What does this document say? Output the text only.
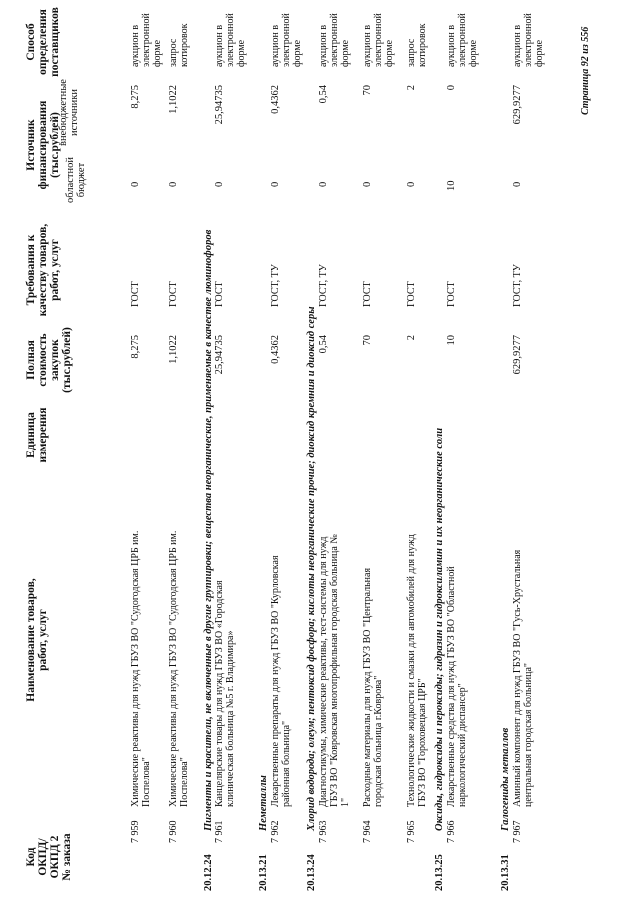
Код ОКПД/ ОКПД 2 № заказа
Наименование товаров, работ, услуг
Единица измерения
Полная стоимость закупок (тыс.рублей)
Требования к качеству товаров, работ, услуг
Источник финансирования (тыс.рублей)
областной бюджет
внебюджетные источники
Способ определения поставщиков
7 959
Химические реактивы для нужд ГБУЗ ВО "Судогодская ЦРБ им. Поспелова"
8,275
ГОСТ
0
8,275
аукцион в электронной форме
7 960
Химические реактивы для нужд ГБУЗ ВО "Судогодская ЦРБ им. Поспелова"
1,1022
ГОСТ
0
1,1022
запрос котировок
20.12.24
Пигменты и красители, не включенные в другие группировки; вещества неорганические, применяемые в качестве люминофоров
7 961
Канцелярские товары для нужд ГБУЗ ВО «Городская клиническая больница №5 г. Владимира»
25,94735
ГОСТ
0
25,94735
аукцион в электронной форме
20.13.21
Неметаллы
7 962
Лекарственные препараты для нужд ГБУЗ ВО "Курловская районная больница"
0,4362
ГОСТ, ТУ
0
0,4362
аукцион в электронной форме
20.13.24
Хлорид водорода; олеум; пентоксид фосфора; кислоты неорганические прочие; диоксид кремния и диоксид серы
7 963
Диагностикумы, химические реактивы, тест-системы для нужд ГБУЗ ВО "Ковровская многопрофильная городская больница № 1"
0,54
ГОСТ, ТУ
0
0,54
аукцион в электронной форме
7 964
Расходные материалы для нужд ГБУЗ ВО "Центральная городская больница г.Коврова"
70
ГОСТ
0
70
аукцион в электронной форме
7 965
Технологические жидкости и смазки для автомобилей для нужд ГБУЗ ВО "Гороховецкая ЦРБ"
2
ГОСТ
0
2
запрос котировок
20.13.25
Оксиды, гидроксиды и пероксиды; гидразин и гидроксиламин и их неорганические соли
7 966
Лекарственные средства для нужд ГБУЗ ВО "Областной наркологический диспансер"
10
ГОСТ
10
0
аукцион в электронной форме
20.13.31
Галогениды металлов
7 967
Аминный компонент для нужд ГБУЗ ВО "Гусь-Хрустальная центральная городская больница"
629,9277
ГОСТ, ТУ
0
629,9277
аукцион в электронной форме	Страница 92 из 556
